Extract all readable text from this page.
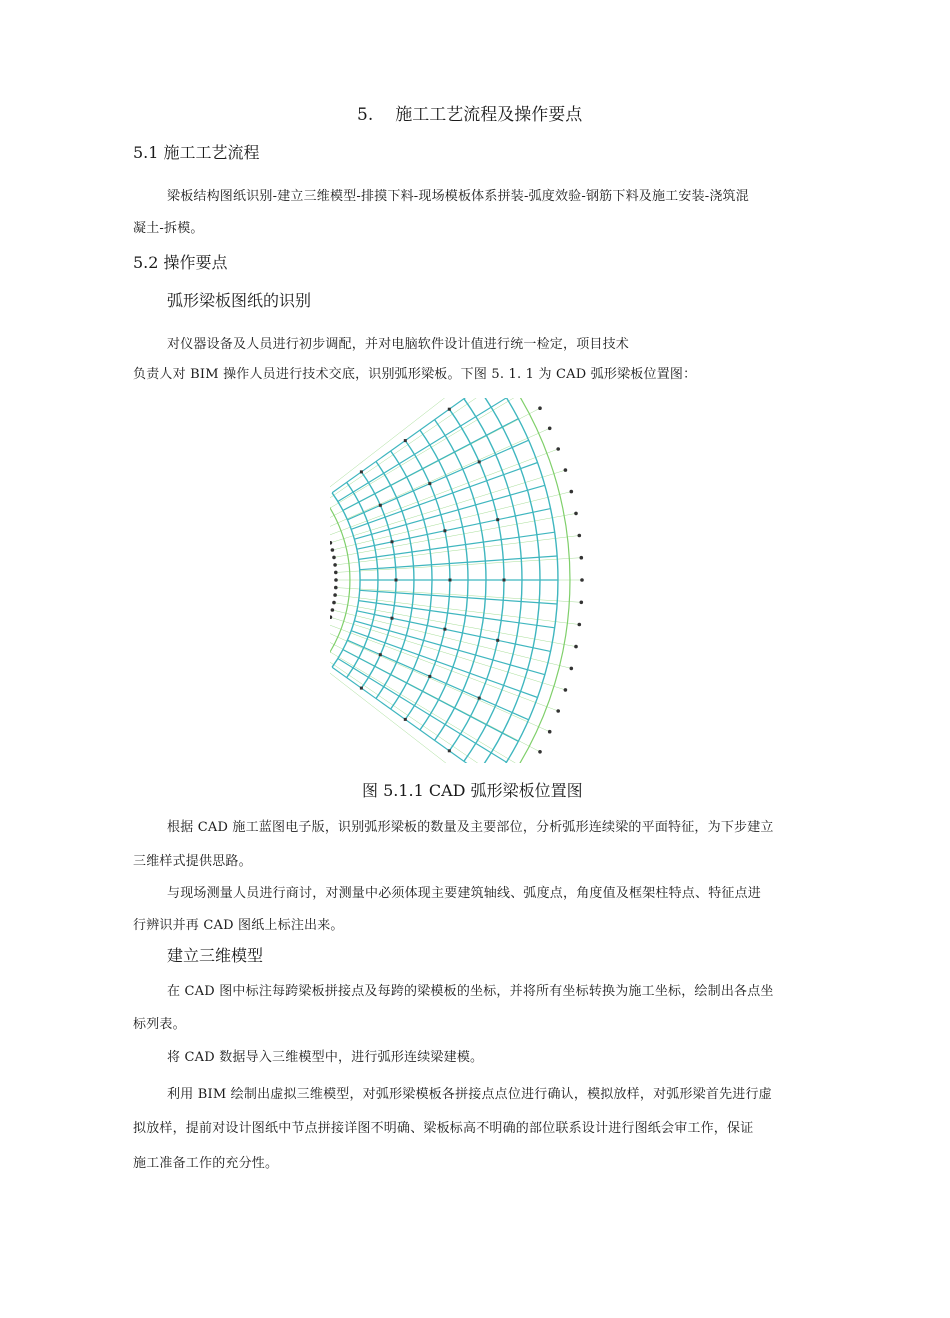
5. 施工工艺流程及操作要点
5.1 施工工艺流程
梁板结构图纸识别-建立三维模型-排摸下料-现场模板体系拼装-弧度效验-钢筋下料及施工安装-浇筑混
凝土-拆模。
5.2 操作要点
弧形梁板图纸的识别
对仪器设备及人员进行初步调配，并对电脑软件设计值进行统一检定，项目技术
负责人对 BIM 操作人员进行技术交底，识别弧形梁板。下图 5. 1. 1 为 CAD 弧形梁板位置图：
图 5.1.1 CAD 弧形梁板位置图
根据 CAD 施工蓝图电子版，识别弧形梁板的数量及主要部位，分析弧形连续梁的平面特征，为下步建立
三维样式提供思路。
与现场测量人员进行商讨，对测量中必须体现主要建筑轴线、弧度点，角度值及框架柱特点、特征点进
行辨识并再 CAD 图纸上标注出来。
建立三维模型
在 CAD 图中标注每跨梁板拼接点及每跨的梁模板的坐标，并将所有坐标转换为施工坐标，绘制出各点坐
标列表。
将 CAD 数据导入三维模型中，进行弧形连续梁建模。
利用 BIM 绘制出虚拟三维模型，对弧形梁模板各拼接点点位进行确认，模拟放样，对弧形梁首先进行虚
拟放样，提前对设计图纸中节点拼接详图不明确、梁板标高不明确的部位联系设计进行图纸会审工作，保证
施工准备工作的充分性。
